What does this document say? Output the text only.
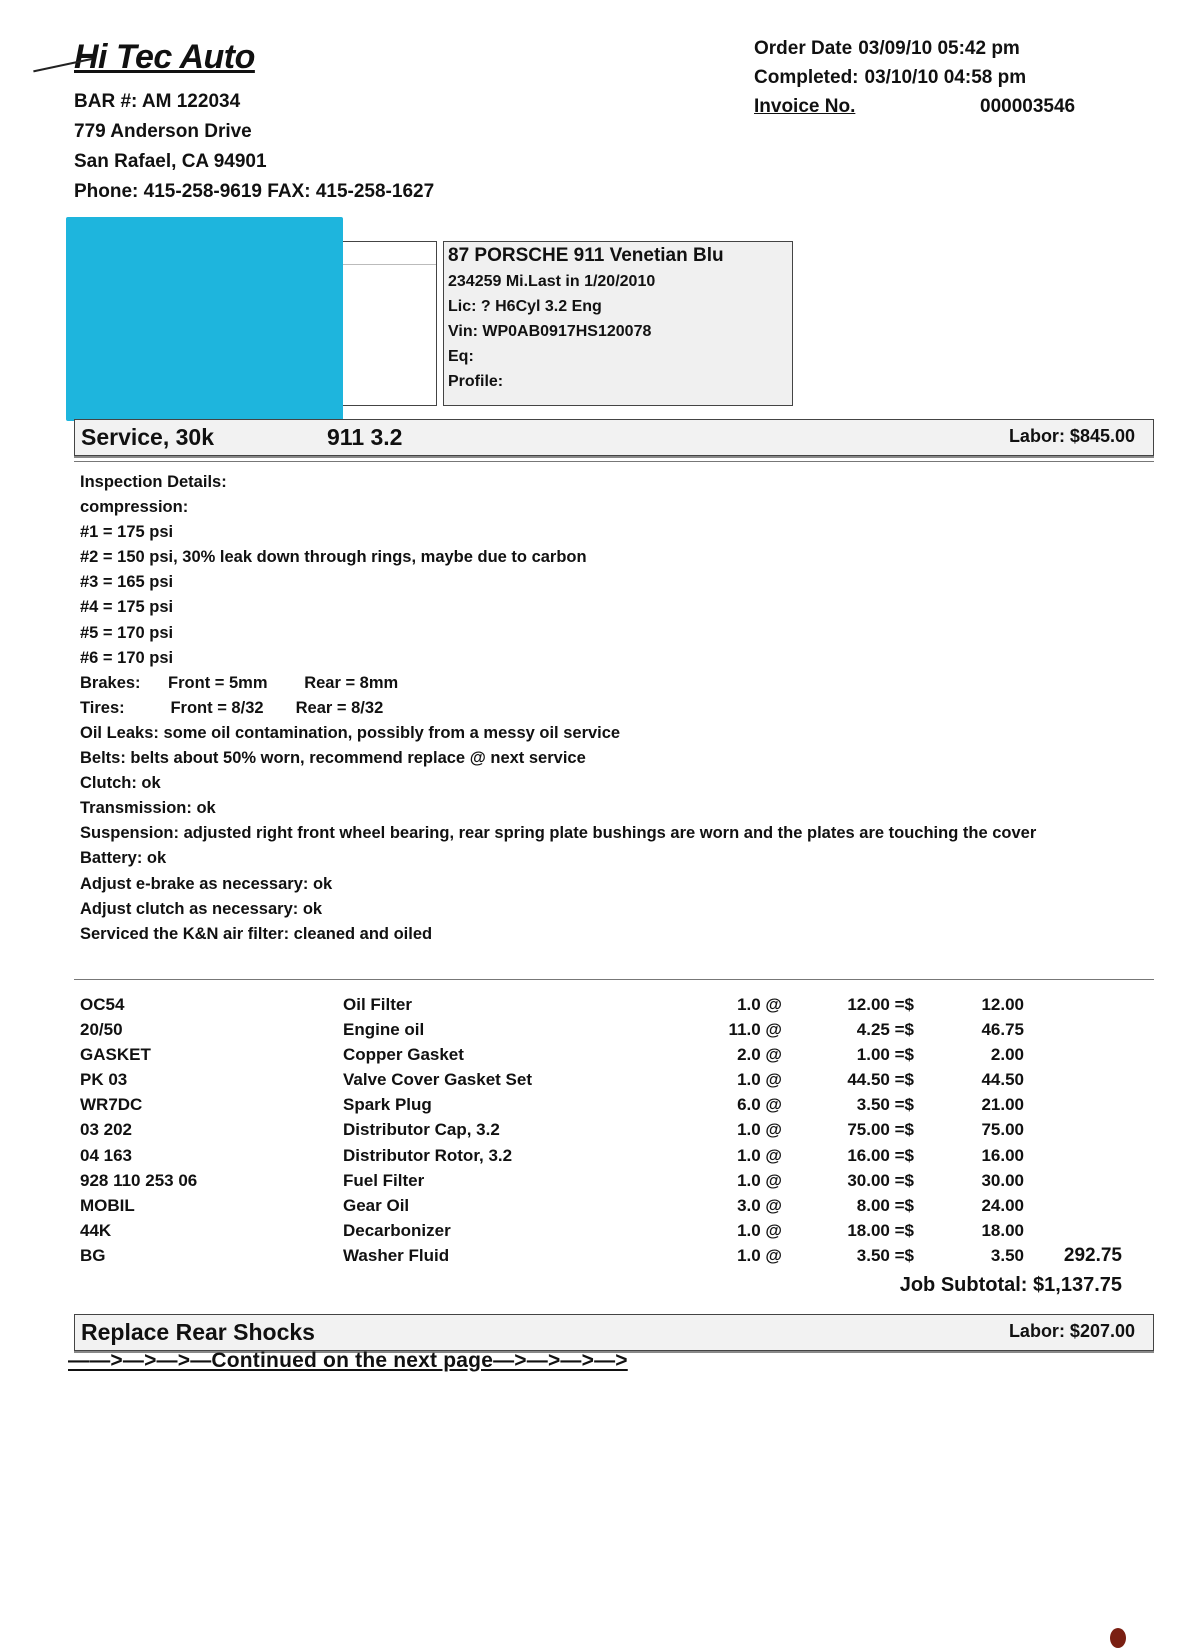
Hi Tec Auto
BAR #: AM 122034
779 Anderson Drive
San Rafael, CA 94901
Phone: 415-258-9619 FAX: 415-258-1627
Order Date 03/09/10 05:42 pm
Completed: 03/10/10 04:58 pm
Invoice No.	000003546
87 PORSCHE 911 Venetian Blu
234259 Mi.Last in 1/20/2010
Lic: ? H6Cyl 3.2 Eng
Vin: WP0AB0917HS120078
Eq:
Profile:
Service, 30k	911 3.2	Labor: $845.00
Inspection Details:
compression:
#1 = 175 psi
#2 = 150 psi, 30% leak down through rings, maybe due to carbon
#3 = 165 psi
#4 = 175 psi
#5 = 170 psi
#6 = 170 psi
Brakes:      Front = 5mm        Rear = 8mm
Tires:          Front = 8/32       Rear = 8/32
Oil Leaks: some oil contamination, possibly from a messy oil service
Belts: belts about 50% worn, recommend replace @ next service
Clutch: ok
Transmission: ok
Suspension: adjusted right front wheel bearing, rear spring plate bushings are worn and the plates are touching the cover
Battery: ok
Adjust e-brake as necessary: ok
Adjust clutch as necessary: ok
Serviced the K&N air filter: cleaned and oiled
OC54	Oil Filter	1.0 @	12.00 =$	12.00
20/50	Engine oil	11.0 @	4.25 =$	46.75
GASKET	Copper Gasket	2.0 @	1.00 =$	2.00
PK 03	Valve Cover Gasket Set	1.0 @	44.50 =$	44.50
WR7DC	Spark Plug	6.0 @	3.50 =$	21.00
03 202	Distributor Cap, 3.2	1.0 @	75.00 =$	75.00
04 163	Distributor Rotor, 3.2	1.0 @	16.00 =$	16.00
928 110 253 06	Fuel Filter	1.0 @	30.00 =$	30.00
MOBIL	Gear Oil	3.0 @	8.00 =$	24.00
44K	Decarbonizer	1.0 @	18.00 =$	18.00
BG	Washer Fluid	1.0 @	3.50 =$	3.50	292.75
Job Subtotal: $1,137.75
Replace Rear Shocks	Labor: $207.00
——>—>—>—Continued on the next page—>—>—>—>
